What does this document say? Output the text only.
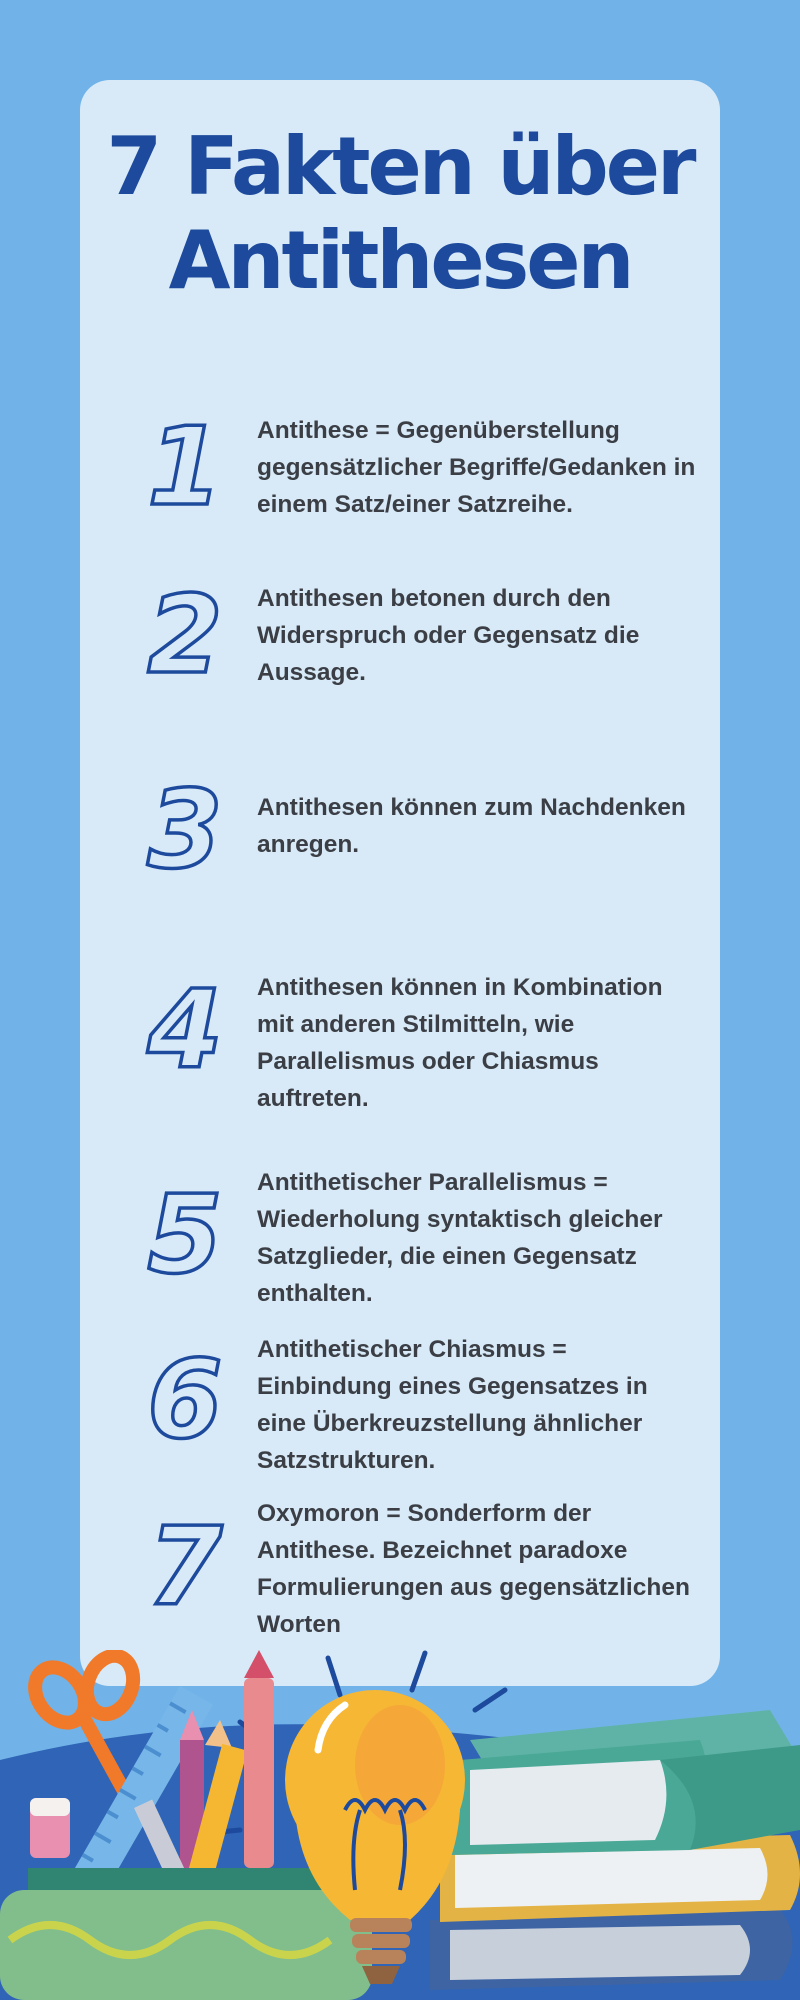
7 Fakten über Antithesen
1 Antithese = Gegenüberstellung gegensätzlicher Begriffe/Gedanken in einem Satz/einer Satzreihe.

2 Antithesen betonen durch den Widerspruch oder Gegensatz die Aussage.

3 Antithesen können zum Nachdenken anregen.

4 Antithesen können in Kombination mit anderen Stilmitteln, wie Parallelismus oder Chiasmus auftreten.

5 Antithetischer Parallelismus = Wiederholung syntaktisch gleicher Satzglieder, die einen Gegensatz enthalten.

6 Antithetischer Chiasmus = Einbindung eines Gegensatzes in eine Überkreuzstellung ähnlicher Satzstrukturen.

7 Oxymoron = Sonderform der Antithese. Bezeichnet paradoxe Formulierungen aus gegensätzlichen Worten
